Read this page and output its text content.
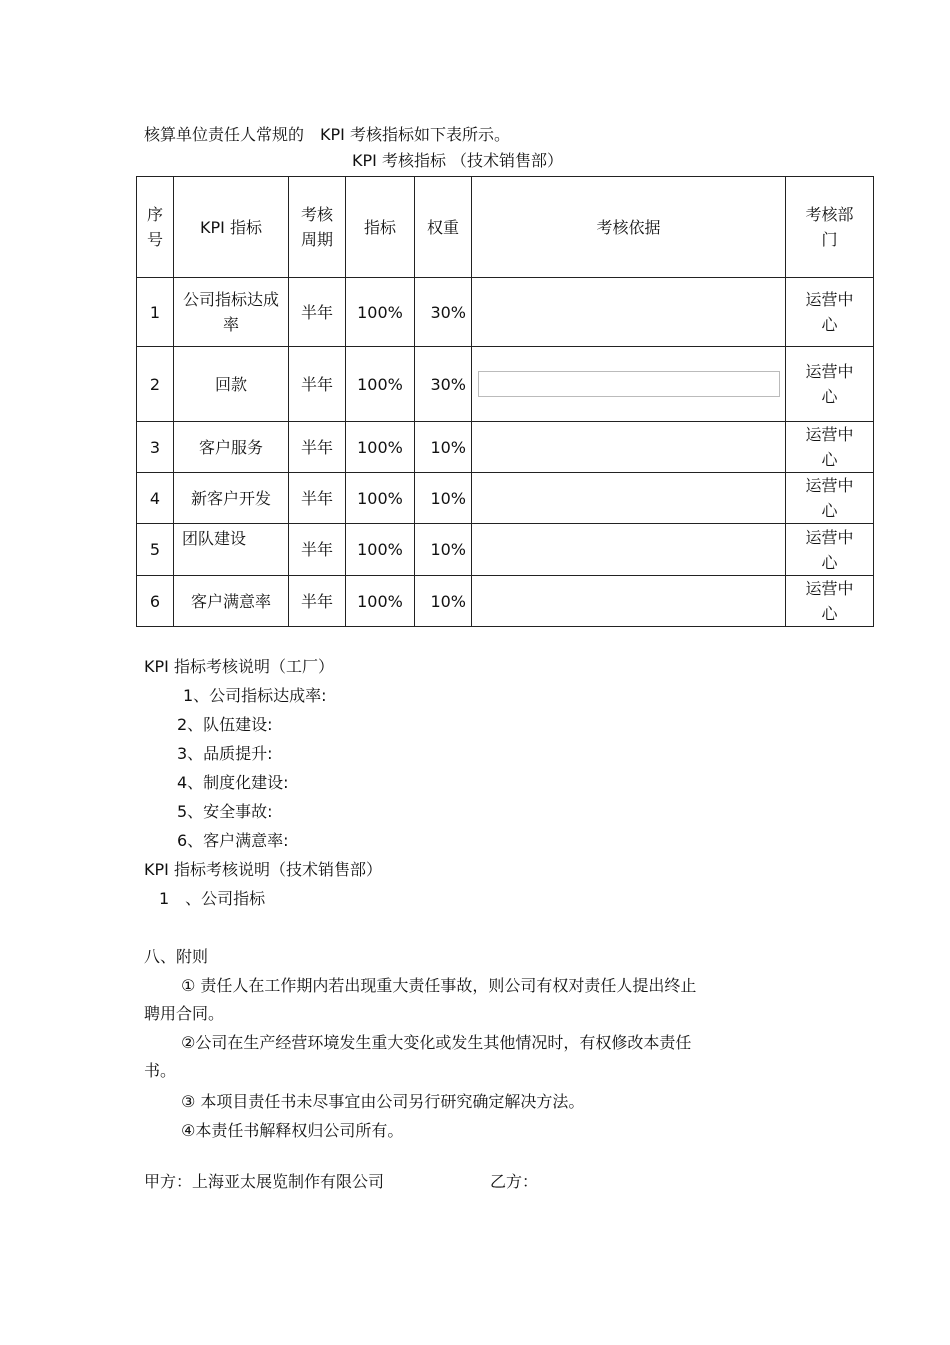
核算单位责任人常规的　KPI 考核指标如下表所示。
KPI 考核指标 （技术销售部）
序号	KPI 指标	考核周期	指标	权重	考核依据	考核部门
1	公司指标达成率	半年	100%	30%		运营中心
2	回款	半年	100%	30%		运营中心
3	客户服务	半年	100%	10%		运营中心
4	新客户开发	半年	100%	10%		运营中心
5	团队建设	半年	100%	10%		运营中心
6	客户满意率	半年	100%	10%		运营中心
KPI 指标考核说明（工厂）
1、公司指标达成率:
2、队伍建设:
3、品质提升:
4、制度化建设:
5、安全事故:
6、客户满意率:
KPI 指标考核说明（技术销售部）
1　、公司指标
八、附则
① 责任人在工作期内若出现重大责任事故，则公司有权对责任人提出终止
聘用合同。
②公司在生产经营环境发生重大变化或发生其他情况时，有权修改本责任
书。
③ 本项目责任书未尽事宜由公司另行研究确定解决方法。
④本责任书解释权归公司所有。
甲方：上海亚太展览制作有限公司	乙方：
